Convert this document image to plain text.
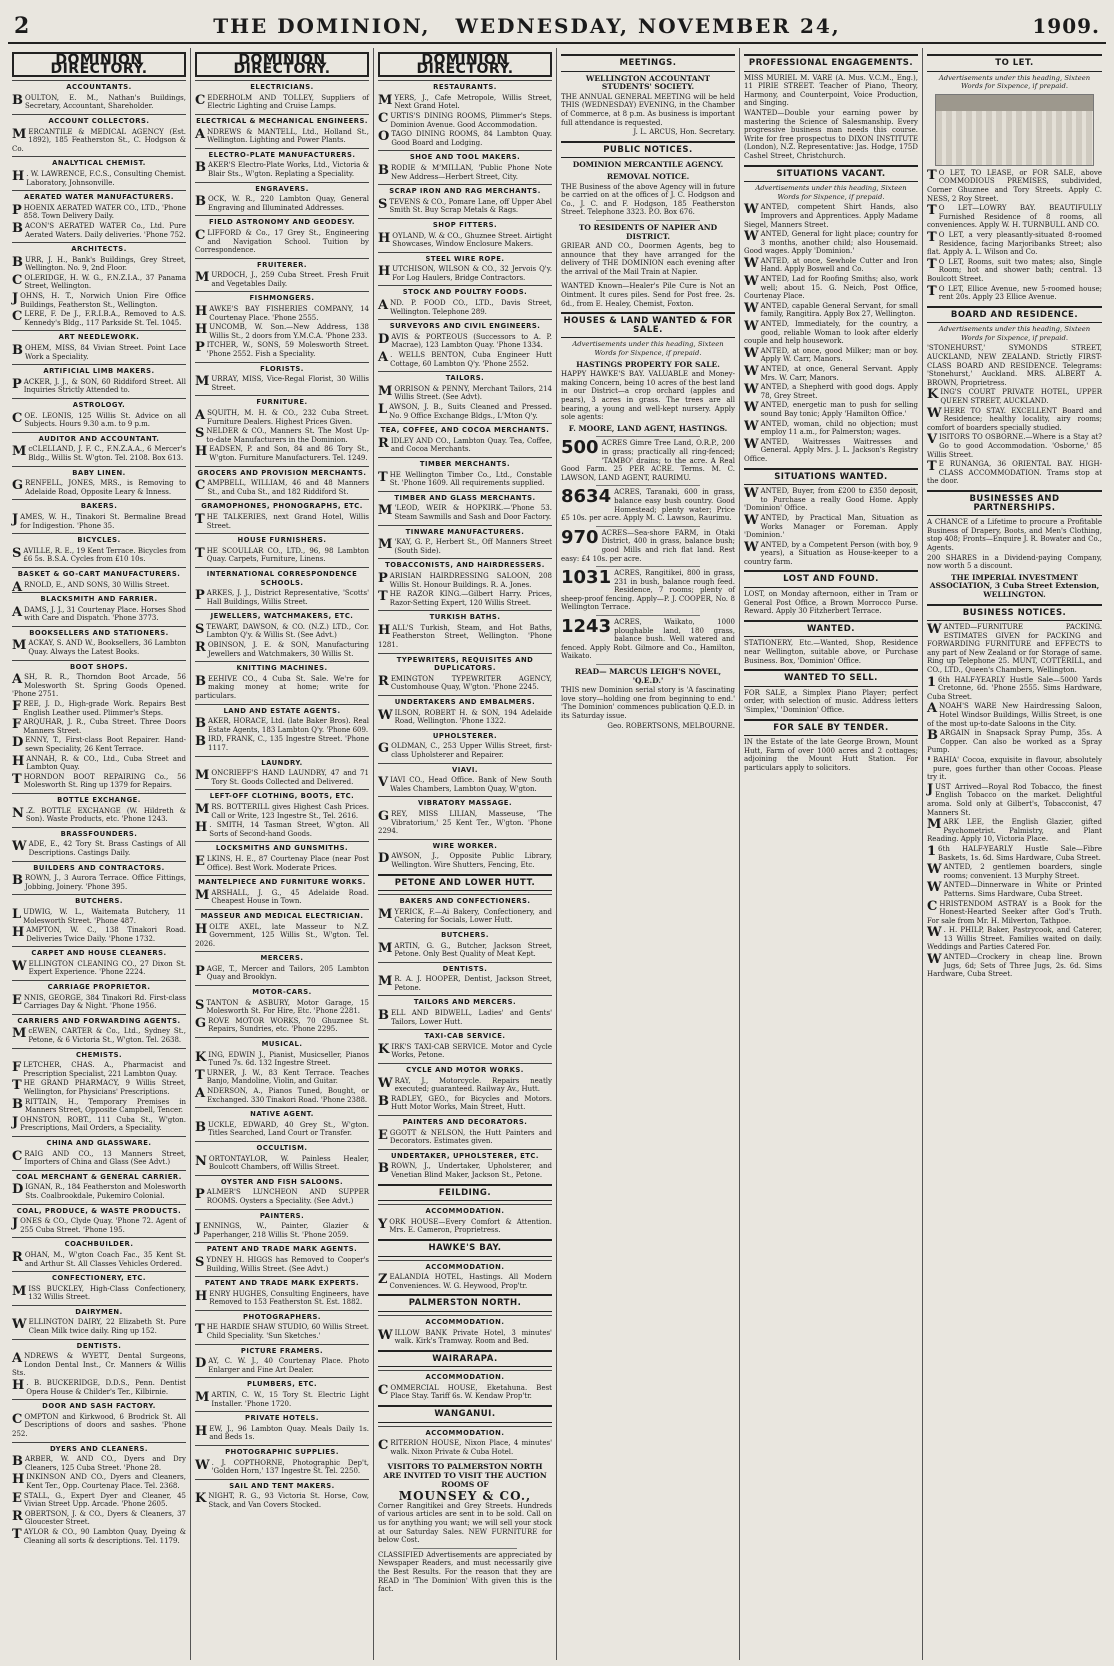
2	THE DOMINION, WEDNESDAY, NOVEMBER 24,	1909.
DOMINION DIRECTORY.
ACCOUNTANTS.
BOULTON, E. M., Nathan's Buildings, Secretary, Accountant, Shareholder.
ACCOUNT COLLECTORS.
MERCANTILE & MEDICAL AGENCY (Est. 1892), 185 Featherston St., C. Hodgson & Co.
ANALYTICAL CHEMIST.
H . W. LAWRENCE, F.C.S., Consulting Chemist. Laboratory, Johnsonville.
AERATED WATER MANUFACTURERS.
PHOENIX AERATED WATER CO., LTD., 'Phone 858. Town Delivery Daily.
BACON'S AERATED WATER Co., Ltd. Pure Aerated Waters. Daily deliveries. 'Phone 752.
ARCHITECTS.
BURR, J. H., Bank's Buildings, Grey Street, Wellington. No. 9, 2nd Floor.
COLERIDGE, H. W. G., F.N.Z.I.A., 37 Panama Street, Wellington.
JOHNS, H. T., Norwich Union Fire Office Buildings, Featherston St., Wellington.
CLERE, F. De J., F.R.I.B.A., Removed to A.S. Kennedy's Bldg., 117 Parkside St. Tel. 1045.
ART NEEDLEWORK.
BOHEM, MISS, 84 Vivian Street. Point Lace Work a Speciality.
ARTIFICIAL LIMB MAKERS.
PACKER, J. J., & SON, 60 Riddiford Street. All Inquiries Strictly Attended to.
ASTROLOGY.
COE. LEONIS, 125 Willis St. Advice on all Subjects. Hours 9.30 a.m. to 9 p.m.
AUDITOR AND ACCOUNTANT.
McCLELLAND, J. F. C., F.N.Z.A.A., 6 Mercer's Bldg., Willis St. W'gton. Tel. 2108. Box 613.
BABY LINEN.
GRENFELL, JONES, MRS., is Removing to Adelaide Road, Opposite Leary & Inness.
BAKERS.
JAMES, W. H., Tinakori St. Bermaline Bread for Indigestion. 'Phone 35.
BICYCLES.
SAVILLE, R. E., 19 Kent Terrace. Bicycles from £6 5s. B.S.A. Cycles from £10 10s.
BASKET & GO-CART MANUFACTURERS.
ARNOLD, E., AND SONS, 30 Willis Street.
BLACKSMITH AND FARRIER.
ADAMS, J. J., 31 Courtenay Place. Horses Shod with Care and Dispatch. 'Phone 3773.
BOOKSELLERS AND STATIONERS.
MACKAY, S. AND W., Booksellers, 36 Lambton Quay. Always the Latest Books.
BOOT SHOPS.
ASH, R. R., Thorndon Boot Arcade, 56 Molesworth St. Spring Goods Opened. 'Phone 2751.
FREE, J. D., High-grade Work. Repairs Best English Leather used. Plimmer's Steps.
FARQUHAR, J. R., Cuba Street. Three Doors Manners Street.
DENNY, T., First-class Boot Repairer. Hand-sewn Speciality, 26 Kent Terrace.
HANNAH, R. & CO., Ltd., Cuba Street and Lambton Quay.
THORNDON BOOT REPAIRING Co., 56 Molesworth St. Ring up 1379 for Repairs.
BOTTLE EXCHANGE.
N .Z. BOTTLE EXCHANGE (W. Hildreth & Son). Waste Products, etc. 'Phone 1243.
BRASSFOUNDERS.
WADE, E., 42 Tory St. Brass Castings of All Descriptions. Castings Daily.
BUILDERS AND CONTRACTORS.
BROWN, J., 3 Aurora Terrace. Office Fittings, Jobbing, Joinery. 'Phone 395.
BUTCHERS.
LUDWIG, W. L., Waitemata Butchery, 11 Molesworth Street. 'Phone 487.
HAMPTON, W. C., 138 Tinakori Road. Deliveries Twice Daily. 'Phone 1732.
CARPET AND HOUSE CLEANERS.
WELLINGTON CLEANING CO., 27 Dixon St. Expert Experience. 'Phone 2224.
CARRIAGE PROPRIETOR.
ENNIS, GEORGE, 384 Tinakori Rd. First-class Carriages Day & Night. 'Phone 1956.
CARRIERS AND FORWARDING AGENTS.
McEWEN, CARTER & Co., Ltd., Sydney St., Petone, & 6 Victoria St., W'gton. Tel. 2638.
CHEMISTS.
FLETCHER, CHAS. A., Pharmacist and Prescription Specialist, 221 Lambton Quay.
THE GRAND PHARMACY, 9 Willis Street, Wellington, for Physicians' Prescriptions.
BRITTAIN, H., Temporary Premises in Manners Street, Opposite Campbell, Tencer.
JOHNSTON, ROBT., 111 Cuba St., W'gton. Prescriptions, Mail Orders, a Speciality.
CHINA AND GLASSWARE.
CRAIG AND CO., 13 Manners Street, Importers of China and Glass (See Advt.)
COAL MERCHANT & GENERAL CARRIER.
DIGNAN, R., 184 Featherston and Molesworth Sts. Coalbrookdale, Pukemiro Colonial.
COAL, PRODUCE, & WASTE PRODUCTS.
JONES & CO., Clyde Quay. 'Phone 72. Agent of 255 Cuba Street. 'Phone 195.
COACHBUILDER.
ROHAN, M., W'gton Coach Fac., 35 Kent St. and Arthur St. All Classes Vehicles Ordered.
CONFECTIONERY, ETC.
MISS BUCKLEY, High-Class Confectionery, 132 Willis Street.
DAIRYMEN.
WELLINGTON DAIRY, 22 Elizabeth St. Pure Clean Milk twice daily. Ring up 152.
DENTISTS.
ANDREWS & WYETT, Dental Surgeons, London Dental Inst., Cr. Manners & Willis Sts.
H . B. BUCKERIDGE, D.D.S., Penn. Dentist Opera House & Childer's Ter., Kilbirnie.
DOOR AND SASH FACTORY.
COMPTON and Kirkwood, 6 Brodrick St. All Descriptions of doors and sashes. 'Phone 252.
DYERS AND CLEANERS.
BARBER, W. AND CO., Dyers and Dry Cleaners, 125 Cuba Street. 'Phone 28.
HINKINSON AND CO., Dyers and Cleaners, Kent Ter., Opp. Courtenay Place. Tel. 2368.
ESTALL, G., Expert Dyer and Cleaner, 45 Vivian Street Upp. Arcade. 'Phone 2605.
ROBERTSON, J. & CO., Dyers & Cleaners, 37 Gloucester Street.
TAYLOR & CO., 90 Lambton Quay, Dyeing & Cleaning all sorts & descriptions. Tel. 1179.
DOMINION DIRECTORY.
ELECTRICIANS.
CEDERHOLM AND TOLLEY, Suppliers of Electric Lighting and Cruise Lamps.
ELECTRICAL & MECHANICAL ENGINEERS.
ANDREWS & MANTELL, Ltd., Holland St., Wellington. Lighting and Power Plants.
ELECTRO-PLATE MANUFACTURERS.
BAKER'S Electro-Plate Works, Ltd., Victoria & Blair Sts., W'gton. Replating a Speciality.
ENGRAVERS.
BOCK, W. R., 220 Lambton Quay, General Engraving and Illuminated Addresses.
FIELD ASTRONOMY AND GEODESY.
CLIFFORD & Co., 17 Grey St., Engineering and Navigation School. Tuition by Correspondence.
FRUITERER.
MURDOCH, J., 259 Cuba Street. Fresh Fruit and Vegetables Daily.
FISHMONGERS.
HAWKE'S BAY FISHERIES COMPANY, 14 Courtenay Place. 'Phone 2555.
HUNCOMB, W. Son.—New Address, 138 Willis St., 2 doors from Y.M.C.A. 'Phone 233.
PITCHER, W., SONS, 59 Molesworth Street. 'Phone 2552. Fish a Speciality.
FLORISTS.
MURRAY, MISS, Vice-Regal Florist, 30 Willis Street.
FURNITURE.
ASQUITH, M. H. & CO., 232 Cuba Street. Furniture Dealers. Highest Prices Given.
SNELDER & CO., Manners St. The Most Up-to-date Manufacturers in the Dominion.
HEADSEN, P. and Son, 84 and 86 Tory St., W'gton. Furniture Manufacturers. Tel. 1249.
GROCERS AND PROVISION MERCHANTS.
CAMPBELL, WILLIAM, 46 and 48 Manners St., and Cuba St., and 182 Riddiford St.
GRAMOPHONES, PHONOGRAPHS, ETC.
THE TALKERIES, next Grand Hotel, Willis Street.
HOUSE FURNISHERS.
THE SCOULLAR CO., LTD., 96, 98 Lambton Quay. Carpets, Furniture, Linens.
INTERNATIONAL CORRESPONDENCE SCHOOLS.
PARKES, J. J., District Representative, 'Scotts' Hall Buildings, Willis Street.
JEWELLERS, WATCHMAKERS, ETC.
STEWART, DAWSON, & CO. (N.Z.) LTD., Cor. Lambton Q'y. & Willis St. (See Advt.)
ROBINSON, J. E. & SON, Manufacturing Jewellers and Watchmakers, 30 Willis St.
KNITTING MACHINES.
BEEHIVE CO., 4 Cuba St. Sale. We're for making money at home; write for particulars.
LAND AND ESTATE AGENTS.
BAKER, HORACE, Ltd. (late Baker Bros). Real Estate Agents, 183 Lambton Q'y. 'Phone 609.
BIRD, FRANK, C., 135 Ingestre Street. 'Phone 1117.
LAUNDRY.
MONCRIEFF'S HAND LAUNDRY, 47 and 71 Tory St. Goods Collected and Delivered.
LEFT-OFF CLOTHING, BOOTS, ETC.
MRS. BOTTERILL gives Highest Cash Prices. Call or Write, 123 Ingestre St., Tel. 2616.
H . SMITH, 14 Tasman Street, W'gton. All Sorts of Second-hand Goods.
LOCKSMITHS AND GUNSMITHS.
ELKINS, H. E., 87 Courtenay Place (near Post Office). Best Work. Moderate Prices.
MANTELPIECE AND FURNITURE WORKS.
MARSHALL, J. G., 45 Adelaide Road. Cheapest House in Town.
MASSEUR AND MEDICAL ELECTRICIAN.
HOLTE AXEL, late Masseur to N.Z. Government, 125 Willis St., W'gton. Tel. 2026.
MERCERS.
PAGE, T., Mercer and Tailors, 205 Lambton Quay and Brooklyn.
MOTOR-CARS.
STANTON & ASBURY, Motor Garage, 15 Molesworth St. For Hire, Etc. 'Phone 2281.
GROVE MOTOR WORKS, 70 Ghuznee St. Repairs, Sundries, etc. 'Phone 2295.
MUSICAL.
KING, EDWIN J., Pianist, Musicseller, Pianos Tuned 7s. 6d. 132 Ingestre Street.
TURNER, J. W., 83 Kent Terrace. Teaches Banjo, Mandoline, Violin, and Guitar.
ANDERSON, A., Pianos Tuned, Bought, or Exchanged. 330 Tinakori Road. 'Phone 2388.
NATIVE AGENT.
BUCKLE, EDWARD, 40 Grey St., W'gton. Titles Searched, Land Court or Transfer.
OCCULTISM.
NORTONTAYLOR, W. Painless Healer, Boulcott Chambers, off Willis Street.
OYSTER AND FISH SALOONS.
PALMER'S LUNCHEON AND SUPPER ROOMS. Oysters a Speciality. (See Advt.)
PAINTERS.
JENNINGS, W., Painter, Glazier & Paperhanger, 218 Willis St. 'Phone 2059.
PATENT AND TRADE MARK AGENTS.
SYDNEY H. HIGGS has Removed to Cooper's Building, Willis Street. (See Advt.)
PATENT AND TRADE MARK EXPERTS.
HENRY HUGHES, Consulting Engineers, have Removed to 153 Featherston St. Est. 1882.
PHOTOGRAPHERS.
THE HARDIE SHAW STUDIO, 60 Willis Street. Child Speciality. 'Sun Sketches.'
PICTURE FRAMERS.
DAY, C. W. J., 40 Courtenay Place. Photo Enlarger and Fine Art Dealer.
PLUMBERS, ETC.
MARTIN, C. W., 15 Tory St. Electric Light Installer. 'Phone 1720.
PRIVATE HOTELS.
HEW, J., 96 Lambton Quay. Meals Daily 1s. and Beds 1s.
PHOTOGRAPHIC SUPPLIES.
W . J. COPTHORNE, Photographic Dep't, 'Golden Horn,' 137 Ingestre St. Tel. 2250.
SAIL AND TENT MAKERS.
KNIGHT, R. G., 93 Victoria St. Horse, Cow, Stack, and Van Covers Stocked.
DOMINION DIRECTORY.
RESTAURANTS.
MYERS, J., Cafe Metropole, Willis Street, Next Grand Hotel.
CURTIS'S DINING ROOMS, Plimmer's Steps. Dominion Avenue. Good Accommodation.
OTAGO DINING ROOMS, 84 Lambton Quay. Good Board and Lodging.
SHOE AND TOOL MAKERS.
BRODIE & M'MILLAN, 'Public Phone Note New Address—Herbert Street, City.
SCRAP IRON AND RAG MERCHANTS.
STEVENS & CO., Pomare Lane, off Upper Abel Smith St. Buy Scrap Metals & Rags.
SHOP FITTERS.
HOYLAND, W. & CO., Ghuznee Street. Airtight Showcases, Window Enclosure Makers.
STEEL WIRE ROPE.
HUTCHISON, WILSON & CO., 32 Jervois Q'y. For Log Haulers, Bridge Contractors.
STOCK AND POULTRY FOODS.
AND. P. FOOD CO., LTD., Davis Street, Wellington. Telephone 289.
SURVEYORS AND CIVIL ENGINEERS.
DAVIS & PORTEOUS (Successors to A. P. Macrae), 123 Lambton Quay. 'Phone 1334.
A . WELLS BENTON, Cuba Engineer Hutt Cottage, 60 Lambton Q'y. 'Phone 2552.
TAILORS.
MORRISON & PENNY, Merchant Tailors, 214 Willis Street. (See Advt).
LAWSON, J. B., Suits Cleaned and Pressed. No. 9 Office Exchange Bldgs., L'Mton Q'y.
TEA, COFFEE, AND COCOA MERCHANTS.
RIDLEY AND CO., Lambton Quay. Tea, Coffee, and Cocoa Merchants.
TIMBER MERCHANTS.
THE Wellington Timber Co., Ltd., Constable St. 'Phone 1609. All requirements supplied.
TIMBER AND GLASS MERCHANTS.
M 'LEOD, WEIR & HOPKIRK.—'Phone 53. Steam Sawmills and Sash and Door Factory.
TINWARE MANUFACTURERS.
M 'KAY, G. P., Herbert St., Off Manners Street (South Side).
TOBACCONISTS, AND HAIRDRESSERS.
PARISIAN HAIRDRESSING SALOON, 208 Willis St. Honour Buildings. R. A. Jones.
THE RAZOR KING.—Gilbert Harry. Prices, Razor-Setting Expert, 120 Willis Street.
TURKISH BATHS.
HALL'S Turkish, Steam, and Hot Baths, Featherston Street, Wellington. 'Phone 1281.
TYPEWRITERS, REQUISITES AND DUPLICATORS.
REMINGTON TYPEWRITER AGENCY, Customhouse Quay, W'gton. 'Phone 2245.
UNDERTAKERS AND EMBALMERS.
WILSON, ROBERT H. & SON, 194 Adelaide Road, Wellington. 'Phone 1322.
UPHOLSTERER.
GOLDMAN, C., 253 Upper Willis Street, first-class Upholsterer and Repairer.
VIAVI.
VIAVI CO., Head Office. Bank of New South Wales Chambers, Lambton Quay, W'gton.
VIBRATORY MASSAGE.
GREY, MISS LILIAN, Masseuse, 'The Vibratorium,' 25 Kent Ter., W'gton. 'Phone 2294.
WIRE WORKER.
DAWSON, J., Opposite Public Library, Wellington. Wire Shutters, Fencing, Etc.
PETONE AND LOWER HUTT.
BAKERS AND CONFECTIONERS.
MYERICK, F.—Ai Bakery, Confectionery, and Catering for Socials, Lower Hutt.
BUTCHERS.
MARTIN, G. G., Butcher, Jackson Street, Petone. Only Best Quality of Meat Kept.
DENTISTS.
M R. A. J. HOOPER, Dentist, Jackson Street, Petone.
TAILORS AND MERCERS.
BELL AND BIDWELL, Ladies' and Gents' Tailors, Lower Hutt.
TAXI-CAB SERVICE.
KIRK'S TAXI-CAB SERVICE. Motor and Cycle Works, Petone.
CYCLE AND MOTOR WORKS.
WRAY, J., Motorcycle. Repairs neatly executed; guaranteed. Railway Av., Hutt.
BRADLEY, GEO., for Bicycles and Motors. Hutt Motor Works, Main Street, Hutt.
PAINTERS AND DECORATORS.
EGGOTT & NELSON, the Hutt Painters and Decorators. Estimates given.
UNDERTAKER, UPHOLSTERER, ETC.
BROWN, J., Undertaker, Upholsterer, and Venetian Blind Maker, Jackson St., Petone.
FEILDING.
ACCOMMODATION.
YORK HOUSE—Every Comfort & Attention. Mrs. E. Cameron, Proprietress.
HAWKE'S BAY.
ACCOMMODATION.
ZEALANDIA HOTEL, Hastings. All Modern Conveniences. W. G. Heywood, Prop'tr.
PALMERSTON NORTH.
ACCOMMODATION.
WILLOW BANK Private Hotel, 3 minutes' walk. Kirk's Tramway. Room and Bed.
WAIRARAPA.
ACCOMMODATION.
COMMERCIAL HOUSE, Eketahuna. Best Place Stay. Tariff 6s. W. Kendaw Prop'tr.
WANGANUI.
ACCOMMODATION.
CRITERION HOUSE, Nixon Place, 4 minutes' walk. Nixon Private & Cuba Hotel.
VISITORS TO PALMERSTON NORTH ARE INVITED TO VISIT THE AUCTION ROOMS OF
MOUNSEY & CO.,
Corner Rangitikei and Grey Streets. Hundreds of various articles are sent in to be sold. Call on us for anything you want; we will sell your stock at our Saturday Sales. NEW FURNITURE for below Cost.
CLASSIFIED Advertisements are appreciated by Newspaper Readers, and must necessarily give the Best Results. For the reason that they are READ in 'The Dominion' With given this is the fact.
MEETINGS.
WELLINGTON ACCOUNTANT STUDENTS' SOCIETY.
THE ANNUAL GENERAL MEETING will be held THIS (WEDNESDAY) EVENING, in the Chamber of Commerce, at 8 p.m. As business is important full attendance is requested.
J. L. ARCUS, Hon. Secretary.
PUBLIC NOTICES.
DOMINION MERCANTILE AGENCY.
REMOVAL NOTICE.
THE Business of the above Agency will in future be carried on at the offices of J. C. Hodgson and Co., J. C. and F. Hodgson, 185 Featherston Street. Telephone 3323. P.O. Box 676.
TO RESIDENTS OF NAPIER AND DISTRICT.
GRIEAR AND CO., Doormen Agents, beg to announce that they have arranged for the delivery of THE DOMINION each evening after the arrival of the Mail Train at Napier.
WANTED Known—Healer's Pile Cure is Not an Ointment. It cures piles. Send for Post free. 2s. 6d., from E. Healey, Chemist, Foxton.
HOUSES & LAND WANTED & FOR SALE.
Advertisements under this heading, Sixteen Words for Sixpence, if prepaid.
HASTINGS PROPERTY FOR SALE.
HAPPY HAWKE'S BAY. VALUABLE and Money-making Concern, being 10 acres of the best land in our District—a crop orchard (apples and pears), 3 acres in grass. The trees are all bearing, a young and well-kept nursery. Apply sole agents:
F. MOORE, LAND AGENT, HASTINGS.
500 ACRES Gimre Tree Land, O.R.P., 200 in grass; practically all ring-fenced; 'TAMBO' drains; to the acre. A Real Good Farm. 25 PER ACRE. Terms. M. C. LAWSON, LAND AGENT, RAURIMU.
8634 ACRES, Taranaki, 600 in grass, balance easy bush country. Good Homestead; plenty water; Price £5 10s. per acre. Apply M. C. Lawson, Raurimu.
970 ACRES—Sea-shore FARM, in Otaki District, 400 in grass, balance bush; good Mills and rich flat land. Rest easy: £4 10s. per acre.
1031 ACRES, Rangitikei, 800 in grass, 231 in bush, balance rough feed. Residence, 7 rooms; plenty of sheep-proof fencing. Apply—P. J. COOPER, No. 8 Wellington Terrace.
1243 ACRES, Waikato, 1000 ploughable land, 180 grass, balance bush. Well watered and fenced. Apply Robt. Gilmore and Co., Hamilton, Waikato.
READ— MARCUS LEIGH'S NOVEL, 'Q.E.D.'
THIS new Dominion serial story is 'A fascinating love story—holding one from beginning to end.' 'The Dominion' commences publication Q.E.D. in its Saturday issue.
Geo. ROBERTSONS, MELBOURNE.
PROFESSIONAL ENGAGEMENTS.
MISS MURIEL M. VARE (A. Mus. V.C.M., Eng.), 11 PIRIE STREET. Teacher of Piano, Theory, Harmony, and Counterpoint, Voice Production, and Singing.
WANTED—Double your earning power by mastering the Science of Salesmanship. Every progressive business man needs this course. Write for free prospectus to DIXON INSTITUTE (London), N.Z. Representative: Jas. Hodge, 175D Cashel Street, Christchurch.
SITUATIONS VACANT.
Advertisements under this heading, Sixteen Words for Sixpence, if prepaid.
WANTED, competent Shirt Hands, also Improvers and Apprentices. Apply Madame Siegel, Manners Street.
WANTED, General for light place; country for 3 months, another child; also Housemaid. Good wages. Apply 'Dominion.'
WANTED, at once, Sewhole Cutter and Iron Hand. Apply Boswell and Co.
WANTED, Lad for Roofing Smiths; also, work well; about 15. G. Neich, Post Office, Courtenay Place.
WANTED, capable General Servant, for small family, Rangitira. Apply Box 27, Wellington.
WANTED, Immediately, for the country, a good, reliable Woman to look after elderly couple and help housework.
WANTED, at once, good Milker; man or boy. Apply W. Carr, Manors.
WANTED, at once, General Servant. Apply Mrs. W. Carr, Manors.
WANTED, a Shepherd with good dogs. Apply 78, Grey Street.
WANTED, energetic man to push for selling sound Bay tonic; Apply 'Hamilton Office.'
WANTED, woman, child no objection; must employ 11 a.m., for Palmerston; wages.
WANTED, Waitresses Waitresses and General. Apply Mrs. J. L. Jackson's Registry Office.
SITUATIONS WANTED.
WANTED, Buyer, from £200 to £350 deposit, to Purchase a really Good Home. Apply 'Dominion' Office.
WANTED, by Practical Man, Situation as Works Manager or Foreman. Apply 'Dominion.'
WANTED, by a Competent Person (with boy, 9 years), a Situation as House-keeper to a country farm.
LOST AND FOUND.
LOST, on Monday afternoon, either in Tram or General Post Office, a Brown Morrocco Purse. Reward. Apply 30 Fitzherbert Terrace.
WANTED.
STATIONERY, Etc.—Wanted, Shop, Residence near Wellington, suitable above, or Purchase Business. Box, 'Dominion' Office.
WANTED TO SELL.
FOR SALE, a Simplex Piano Player; perfect order, with selection of music. Address letters 'Simplex,' 'Dominion' Office.
FOR SALE BY TENDER.
IN the Estate of the late George Brown, Mount Hutt, Farm of over 1000 acres and 2 cottages; adjoining the Mount Hutt Station. For particulars apply to solicitors.
TO LET.
Advertisements under this heading, Sixteen Words for Sixpence, if prepaid.
T O LET, TO LEASE, or FOR SALE, above COMMODIOUS PREMISES, subdivided, Corner Ghuznee and Tory Streets. Apply C. NESS, 2 Roy Street.
T O LET—LOWRY BAY. BEAUTIFULLY Furnished Residence of 8 rooms, all conveniences. Apply W. H. TURNBULL AND CO.
T O LET, a very pleasantly-situated 8-roomed Residence, facing Marjoribanks Street; also flat. Apply A. L. Wilson and Co.
T O LET, Rooms, suit two mates; also, Single Room; hot and shower bath; central. 13 Boulcott Street.
T O LET, Ellice Avenue, new 5-roomed house; rent 20s. Apply 23 Ellice Avenue.
BOARD AND RESIDENCE.
Advertisements under this heading, Sixteen Words for Sixpence, if prepaid.
'STONEHURST,' SYMONDS STREET, AUCKLAND, NEW ZEALAND. Strictly FIRST-CLASS BOARD AND RESIDENCE. Telegrams: 'Stonehurst,' Auckland. MRS. ALBERT A. BROWN, Proprietress.
KING'S COURT PRIVATE HOTEL, UPPER QUEEN STREET, AUCKLAND.
WHERE TO STAY. EXCELLENT Board and Residence; healthy locality, airy rooms; comfort of boarders specially studied.
VISITORS TO OSBORNE.—Where is a Stay at? Go to good Accommodation. 'Osborne,' 85 Willis Street.
T E RUNANGA, 36 ORIENTAL BAY. HIGH-CLASS ACCOMMODATION. Trams stop at the door.
BUSINESSES AND PARTNERSHIPS.
A CHANCE of a Lifetime to procure a Profitable Business of Drapery, Boots, and Men's Clothing, stop 408; Fronts—Enquire J. R. Bowater and Co., Agents.
200 SHARES in a Dividend-paying Company, now worth 5 a discount.
THE IMPERIAL INVESTMENT ASSOCIATION, 3 Cuba Street Extension, WELLINGTON.
BUSINESS NOTICES.
WANTED—FURNITURE PACKING. ESTIMATES GIVEN for PACKING and FORWARDING FURNITURE and EFFECTS to any part of New Zealand or for Storage of same. Ring up Telephone 25. MUNT, COTTERILL, and CO., LTD., Queen's Chambers, Wellington.
1 6th HALF-YEARLY Hustle Sale—5000 Yards Cretonne, 6d. 'Phone 2555. Sims Hardware, Cuba Street.
A NOAH'S WARE New Hairdressing Saloon, Hotel Windsor Buildings, Willis Street, is one of the most up-to-date Saloons in the City.
BARGAIN in Snapsack Spray Pump, 35s. A Copper. Can also be worked as a Spray Pump.
' BAHIA' Cocoa, exquisite in flavour, absolutely pure, goes further than other Cocoas. Please try it.
JUST Arrived—Royal Rod Tobacco, the finest English Tobacco on the market. Delightful aroma. Sold only at Gilbert's, Tobacconist, 47 Manners St.
MARK LEE, the English Glazier, gifted Psychometrist. Palmistry, and Plant Reading. Apply 10, Victoria Place.
1 6th HALF-YEARLY Hustle Sale—Fibre Baskets, 1s. 6d. Sims Hardware, Cuba Street.
WANTED, 2 gentlemen boarders, single rooms; convenient. 13 Murphy Street.
WANTED—Dinnerware in White or Printed Patterns. Sims Hardware, Cuba Street.
CHRISTENDOM ASTRAY is a Book for the Honest-Hearted Seeker after God's Truth. For sale from Mr. H. Milverton, Tathpoe.
W . H. PHILP, Baker, Pastrycook, and Caterer, 13 Willis Street. Families waited on daily. Weddings and Parties Catered For.
WANTED—Crockery in cheap line. Brown Jugs, 6d; Sets of Three Jugs, 2s. 6d. Sims Hardware, Cuba Street.
